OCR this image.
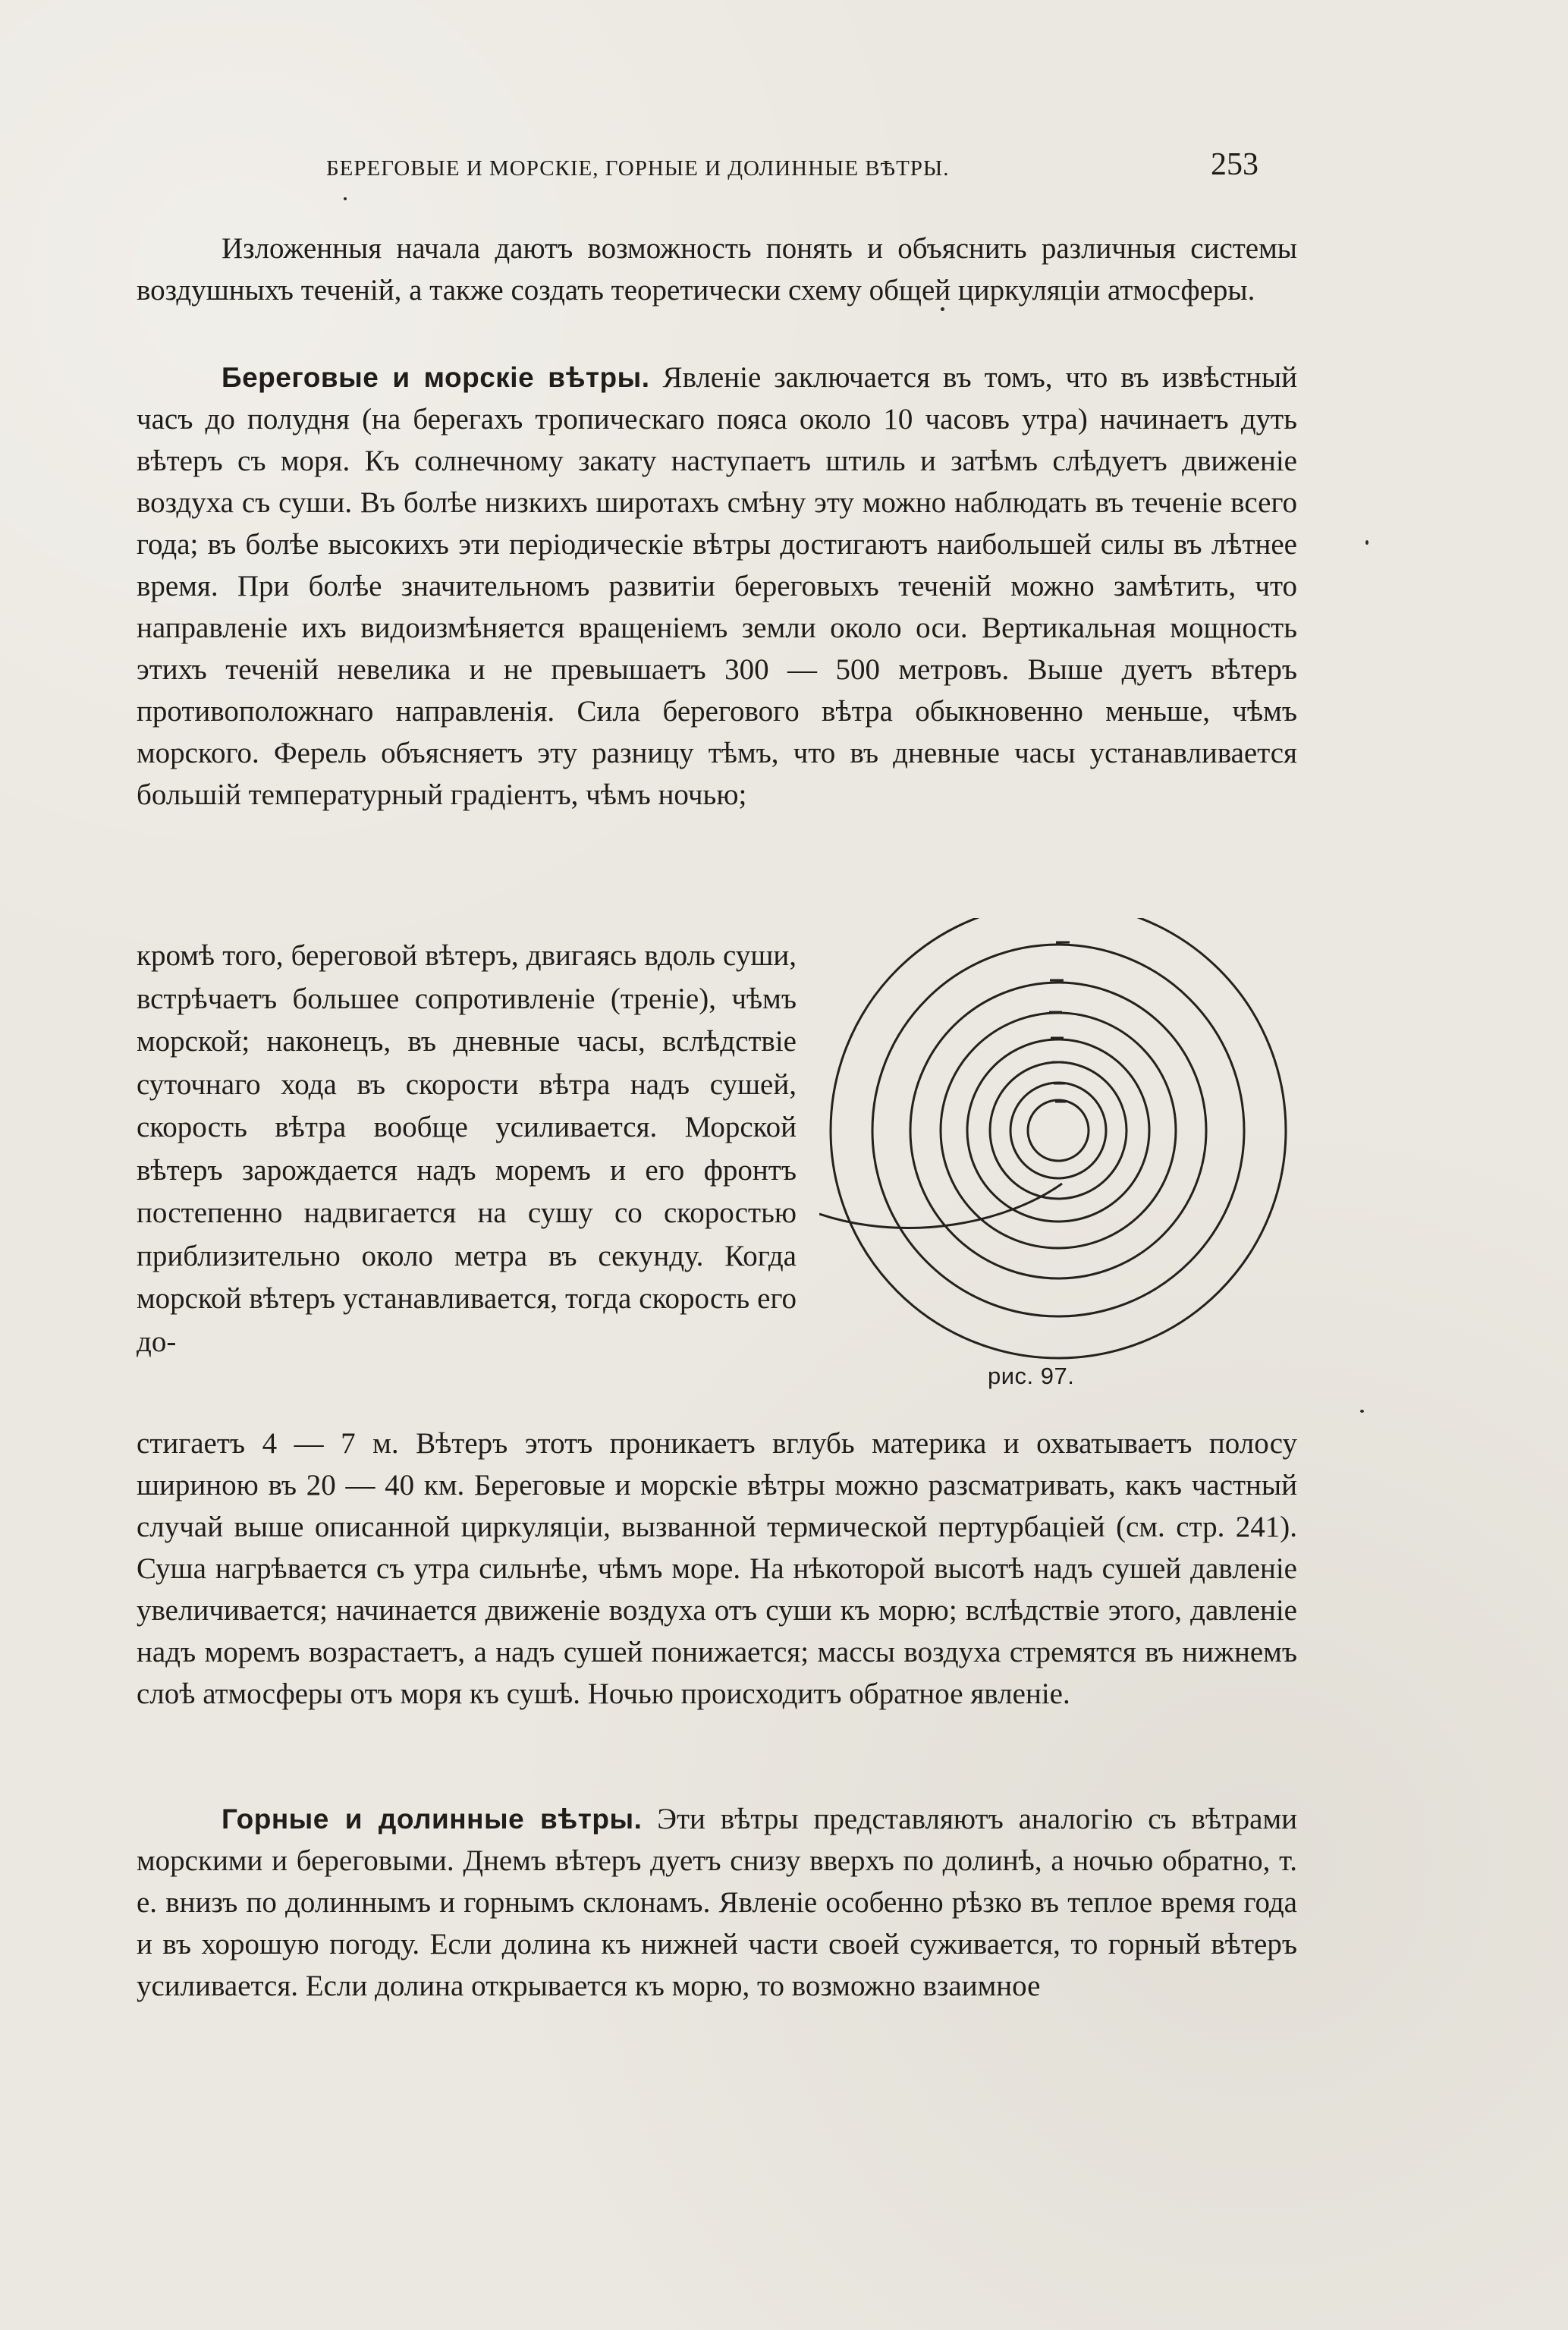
БЕРЕГОВЫЕ И МОРСКІЕ, ГОРНЫЕ И ДОЛИННЫЕ ВѢТРЫ.	253
Изложенныя начала даютъ возможность понять и объяснить различныя системы воздушныхъ теченій, а также создать теоретически схему общей циркуляціи атмосферы.
Береговые и морскіе вѣтры. Явленіе заключается въ томъ, что въ извѣстный часъ до полудня (на берегахъ тропическаго пояса около 10 часовъ утра) начинаетъ дуть вѣтеръ съ моря. Къ солнечному закату наступаетъ штиль и затѣмъ слѣдуетъ движеніе воздуха съ суши. Въ болѣе низкихъ широтахъ смѣну эту можно наблюдать въ теченіе всего года; въ болѣе высокихъ эти періодическіе вѣтры достигаютъ наибольшей силы въ лѣтнее время. При болѣе значительномъ развитіи береговыхъ теченій можно замѣтить, что направленіе ихъ видоизмѣняется вращеніемъ земли около оси. Вертикальная мощность этихъ теченій невелика и не превышаетъ 300 — 500 метровъ. Выше дуетъ вѣтеръ противоположнаго направленія. Сила берегового вѣтра обыкновенно меньше, чѣмъ морского. Ферель объясняетъ эту разницу тѣмъ, что въ дневные часы устанавливается большій температурный градіентъ, чѣмъ ночью;
кромѣ того, береговой вѣтеръ, двигаясь вдоль суши, встрѣчаетъ большее сопротивленіе (треніе), чѣмъ морской; наконецъ, въ дневные часы, вслѣдствіе суточнаго хода въ скорости вѣтра надъ сушей, скорость вѣтра вообще усиливается. Морской вѣтеръ зарождается надъ моремъ и его фронтъ постепенно надвигается на сушу со скоростью приблизительно около метра въ секунду. Когда морской вѣтеръ устанавливается, тогда скорость его до-
рис. 97.
стигаетъ 4 — 7 м. Вѣтеръ этотъ проникаетъ вглубь материка и охватываетъ полосу шириною въ 20 — 40 км. Береговые и морскіе вѣтры можно разсматривать, какъ частный случай выше описанной циркуляціи, вызванной термической пертурбаціей (см. стр. 241). Суша нагрѣвается съ утра сильнѣе, чѣмъ море. На нѣкоторой высотѣ надъ сушей давленіе увеличивается; начинается движеніе воздуха отъ суши къ морю; вслѣдствіе этого, давленіе надъ моремъ возрастаетъ, а надъ сушей понижается; массы воздуха стремятся въ нижнемъ слоѣ атмосферы отъ моря къ сушѣ. Ночью происходитъ обратное явленіе.
Горные и долинные вѣтры. Эти вѣтры представляютъ аналогію съ вѣтрами морскими и береговыми. Днемъ вѣтеръ дуетъ снизу вверхъ по долинѣ, а ночью обратно, т. е. внизъ по долиннымъ и горнымъ склонамъ. Явленіе особенно рѣзко въ теплое время года и въ хорошую погоду. Если долина къ нижней части своей суживается, то горный вѣтеръ усиливается. Если долина открывается къ морю, то возможно взаимное
